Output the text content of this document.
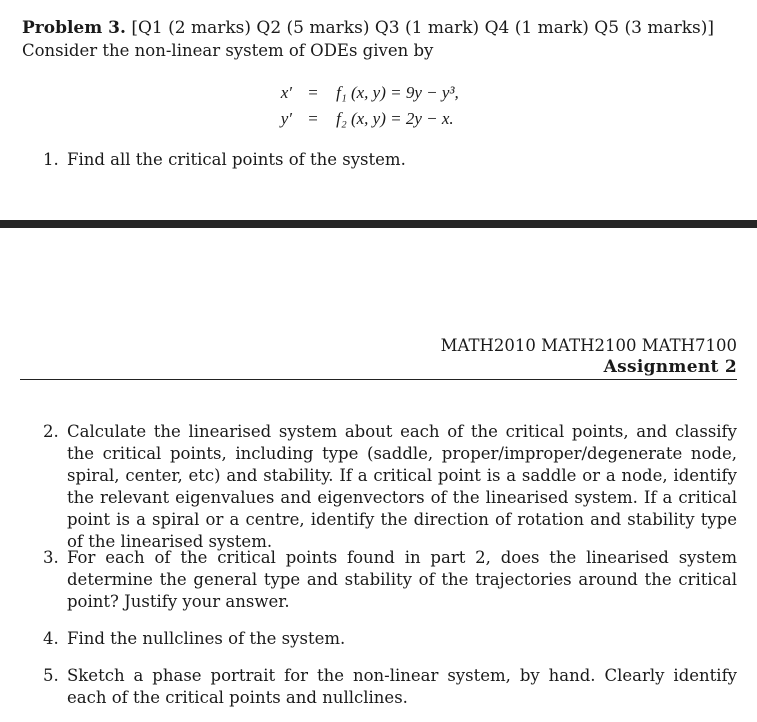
Problem 3. [Q1 (2 marks) Q2 (5 marks) Q3 (1 mark) Q4 (1 mark) Q5 (3 marks)]
Consider the non-linear system of ODEs given by
x′ = f₁ (x, y) = 9y − y³,
y′ = f₂ (x, y) = 2y − x.
1. Find all the critical points of the system.
MATH2010 MATH2100 MATH7100
Assignment 2
2. Calculate the linearised system about each of the critical points, and classify the critical points, including type (saddle, proper/improper/degenerate node, spiral, center, etc) and stability. If a critical point is a saddle or a node, identify the relevant eigenvalues and eigenvectors of the linearised system. If a critical point is a spiral or a centre, identify the direction of rotation and stability type of the linearised system.
3. For each of the critical points found in part 2, does the linearised system determine the general type and stability of the trajectories around the critical point? Justify your answer.
4. Find the nullclines of the system.
5. Sketch a phase portrait for the non-linear system, by hand. Clearly identify each of the critical points and nullclines.
